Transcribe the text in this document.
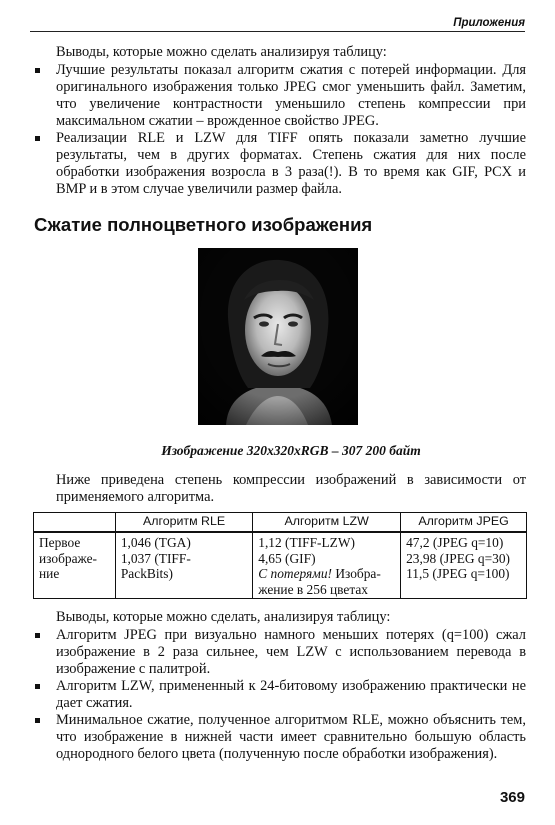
Приложения

Выводы, которые можно сделать анализируя таблицу:

Лучшие результаты показал алгоритм сжатия с потерей информации. Для оригинального изображения только JPEG смог уменьшить файл. Заметим, что увеличение контрастности уменьшило степень компрессии при максимальном сжатии – врожденное свойство JPEG.
Реализации RLE и LZW для TIFF опять показали заметно лучшие результаты, чем в других форматах. Степень сжатия для них после обработки изображения возросла в 3 раза(!). В то время как GIF, PCX и BMP и в этом случае увеличили размер файла.
Сжатие полноцветного изображения
Изображение 320x320xRGB – 307 200 байт

Ниже приведена степень компрессии изображений в зависимости от применяемого алгоритма.

	Алгоритм RLE	Алгоритм LZW	Алгоритм JPEG

Первое
изображе-
ние	1,046 (TGA)
1,037 (TIFF-
PackBits)	1,12 (TIFF-LZW)
4,65 (GIF)
С потерями! Изобра-
жение в 256 цветах	47,2 (JPEG q=10)
23,98 (JPEG q=30)
11,5 (JPEG q=100)

Выводы, которые можно сделать, анализируя таблицу:

Алгоритм JPEG при визуально намного меньших потерях (q=100) сжал изображение в 2 раза сильнее, чем LZW с использованием перевода в изображение с палитрой.
Алгоритм LZW, примененный к 24-битовому изображению практически не дает сжатия.
Минимальное сжатие, полученное алгоритмом RLE, можно объяснить тем, что изображение в нижней части имеет сравнительно большую область однородного белого цвета (полученную после обработки изображения).
369
